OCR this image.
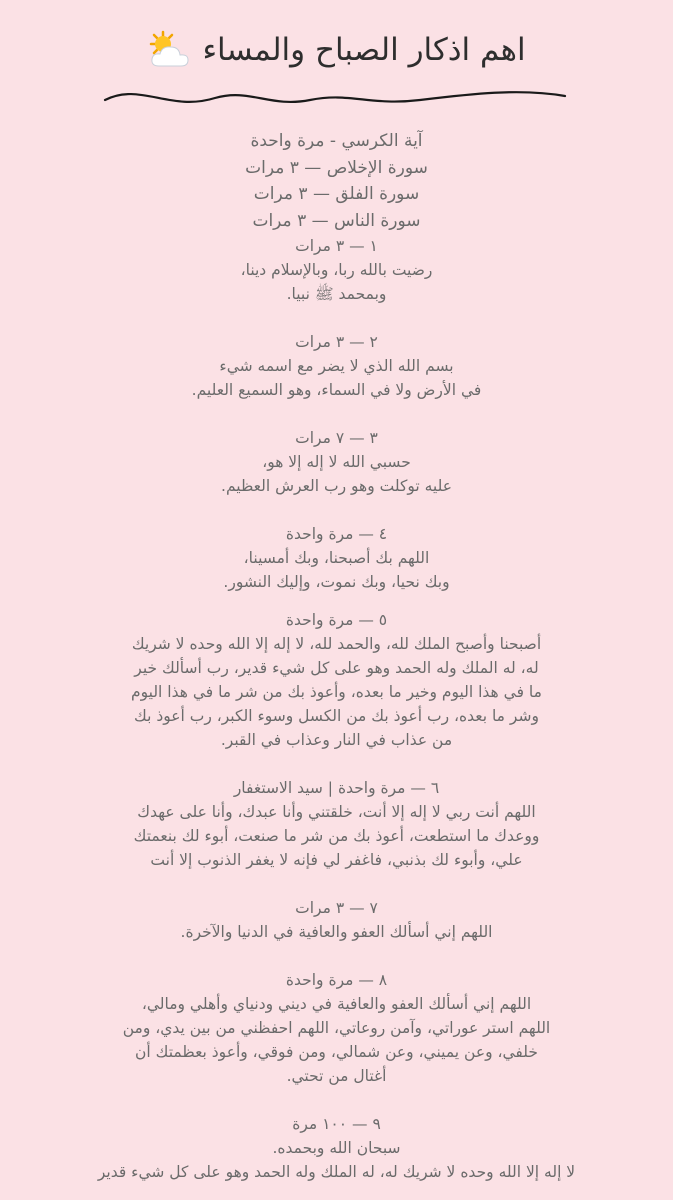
اهم اذكار الصباح والمساء

آية الكرسي - مرة واحدة

سورة الإخلاص — ٣ مرات

سورة الفلق — ٣ مرات

سورة الناس — ٣ مرات

١ — ٣ مرات

رضيت بالله ربا، وبالإسلام دينا،

وبمحمد ﷺ نبيا.

٢ — ٣ مرات

بسم الله الذي لا يضر مع اسمه شيء

في الأرض ولا في السماء، وهو السميع العليم.

٣ — ٧ مرات

حسبي الله لا إله إلا هو،

عليه توكلت وهو رب العرش العظيم.

٤ — مرة واحدة

اللهم بك أصبحنا، وبك أمسينا،

وبك نحيا، وبك نموت، وإليك النشور.

٥ — مرة واحدة

أصبحنا وأصبح الملك لله، والحمد لله، لا إله إلا الله وحده لا شريك

له، له الملك وله الحمد وهو على كل شيء قدير، رب أسألك خير

ما في هذا اليوم وخير ما بعده، وأعوذ بك من شر ما في هذا اليوم

وشر ما بعده، رب أعوذ بك من الكسل وسوء الكبر، رب أعوذ بك

من عذاب في النار وعذاب في القبر.

٦ — مرة واحدة | سيد الاستغفار

اللهم أنت ربي لا إله إلا أنت، خلقتني وأنا عبدك، وأنا على عهدك

ووعدك ما استطعت، أعوذ بك من شر ما صنعت، أبوء لك بنعمتك

علي، وأبوء لك بذنبي، فاغفر لي فإنه لا يغفر الذنوب إلا أنت

٧ — ٣ مرات

اللهم إني أسألك العفو والعافية في الدنيا والآخرة.

٨ — مرة واحدة

اللهم إني أسألك العفو والعافية في ديني ودنياي وأهلي ومالي،

اللهم استر عوراتي، وآمن روعاتي، اللهم احفظني من بين يدي، ومن

خلفي، وعن يميني، وعن شمالي، ومن فوقي، وأعوذ بعظمتك أن

أغتال من تحتي.

٩ — ١٠٠ مرة

سبحان الله وبحمده.

لا إله إلا الله وحده لا شريك له، له الملك وله الحمد وهو على كل شيء قدير
